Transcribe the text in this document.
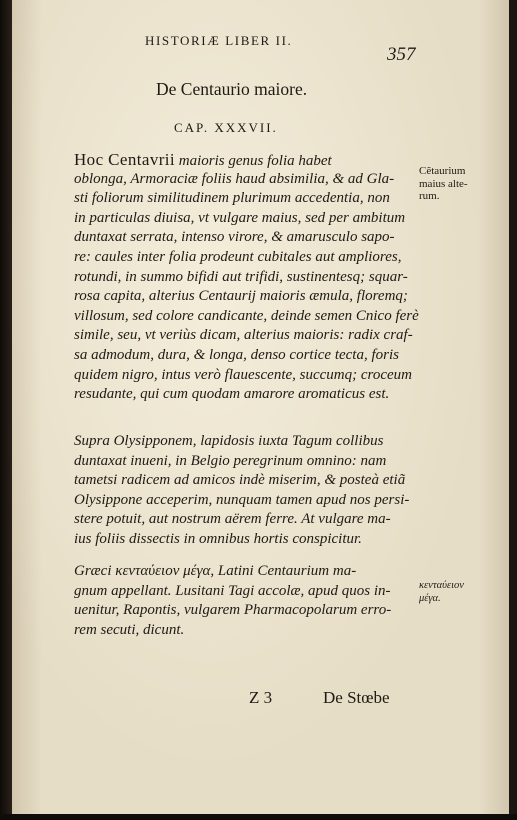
HISTORIÆ LIBER II.
357
De Centaurio maiore.
CAP. XXXVII.
Hoc Centavrii maioris genus folia habet
oblonga, Armoraciæ foliis haud absimilia, & ad Gla-
sti foliorum similitudinem plurimum accedentia, non
in particulas diuisa, vt vulgare maius, sed per ambitum
duntaxat serrata, intenso virore, & amarusculo sapo-
re: caules inter folia prodeunt cubitales aut ampliores,
rotundi, in summo bifidi aut trifidi, sustinentesq; squar-
rosa capita, alterius Centaurij maioris æmula, floremq;
villosum, sed colore candicante, deinde semen Cnico ferè
simile, seu, vt veriùs dicam, alterius maioris: radix craf-
sa admodum, dura, & longa, denso cortice tecta, foris
quidem nigro, intus verò flauescente, succumq; croceum
resudante, qui cum quodam amarore aromaticus est.
Cẽtaurium maius alte-rum.
Supra Olysipponem, lapidosis iuxta Tagum collibus
duntaxat inueni, in Belgio peregrinum omnino: nam
tametsi radicem ad amicos indè miserim, & posteà etiã
Olysippone acceperim, nunquam tamen apud nos persi-
stere potuit, aut nostrum aërem ferre. At vulgare ma-
ius foliis dissectis in omnibus hortis conspicitur.
Græci κενταύειον μέγα, Latini Centaurium ma-
gnum appellant. Lusitani Tagi accolæ, apud quos in-
uenitur, Rapontis, vulgarem Pharmacopolarum erro-
rem secuti, dicunt.
κενταύειον μέγα.
Z 3	De Stœbe
